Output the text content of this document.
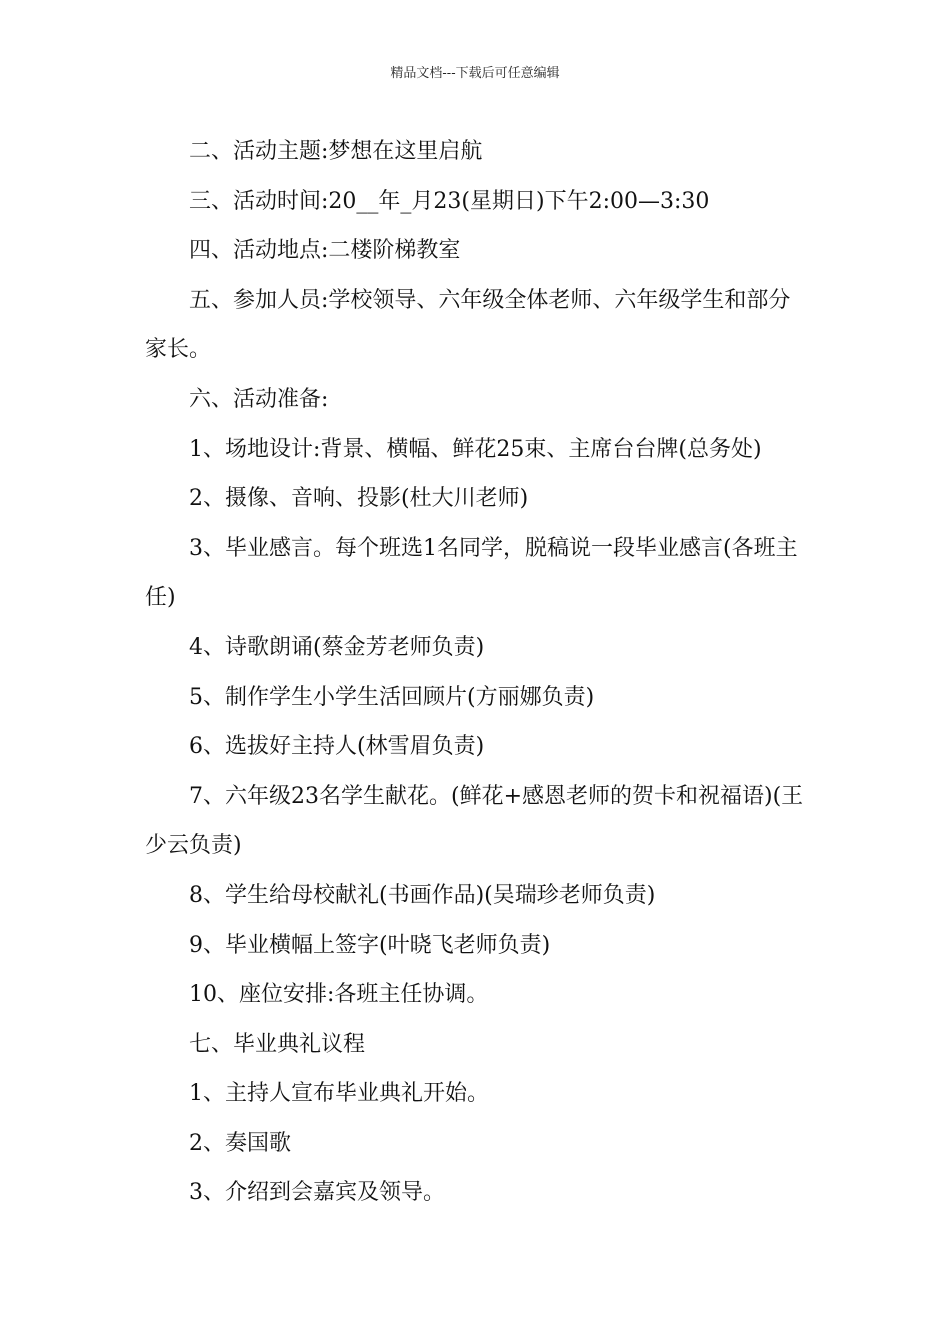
精品文档---下载后可任意编辑

二、活动主题:梦想在这里启航

三、活动时间:20__年_月23(星期日)下午2:00—3:30

四、活动地点:二楼阶梯教室

五、参加人员:学校领导、六年级全体老师、六年级学生和部分家长。

六、活动准备:

1、场地设计:背景、横幅、鲜花25束、主席台台牌(总务处)

2、摄像、音响、投影(杜大川老师)

3、毕业感言。每个班选1名同学，脱稿说一段毕业感言(各班主任)

4、诗歌朗诵(蔡金芳老师负责)

5、制作学生小学生活回顾片(方丽娜负责)

6、选拔好主持人(林雪眉负责)

7、六年级23名学生献花。(鲜花+感恩老师的贺卡和祝福语)(王少云负责)

8、学生给母校献礼(书画作品)(吴瑞珍老师负责)

9、毕业横幅上签字(叶晓飞老师负责)

10、座位安排:各班主任协调。

七、毕业典礼议程

1、主持人宣布毕业典礼开始。

2、奏国歌

3、介绍到会嘉宾及领导。
